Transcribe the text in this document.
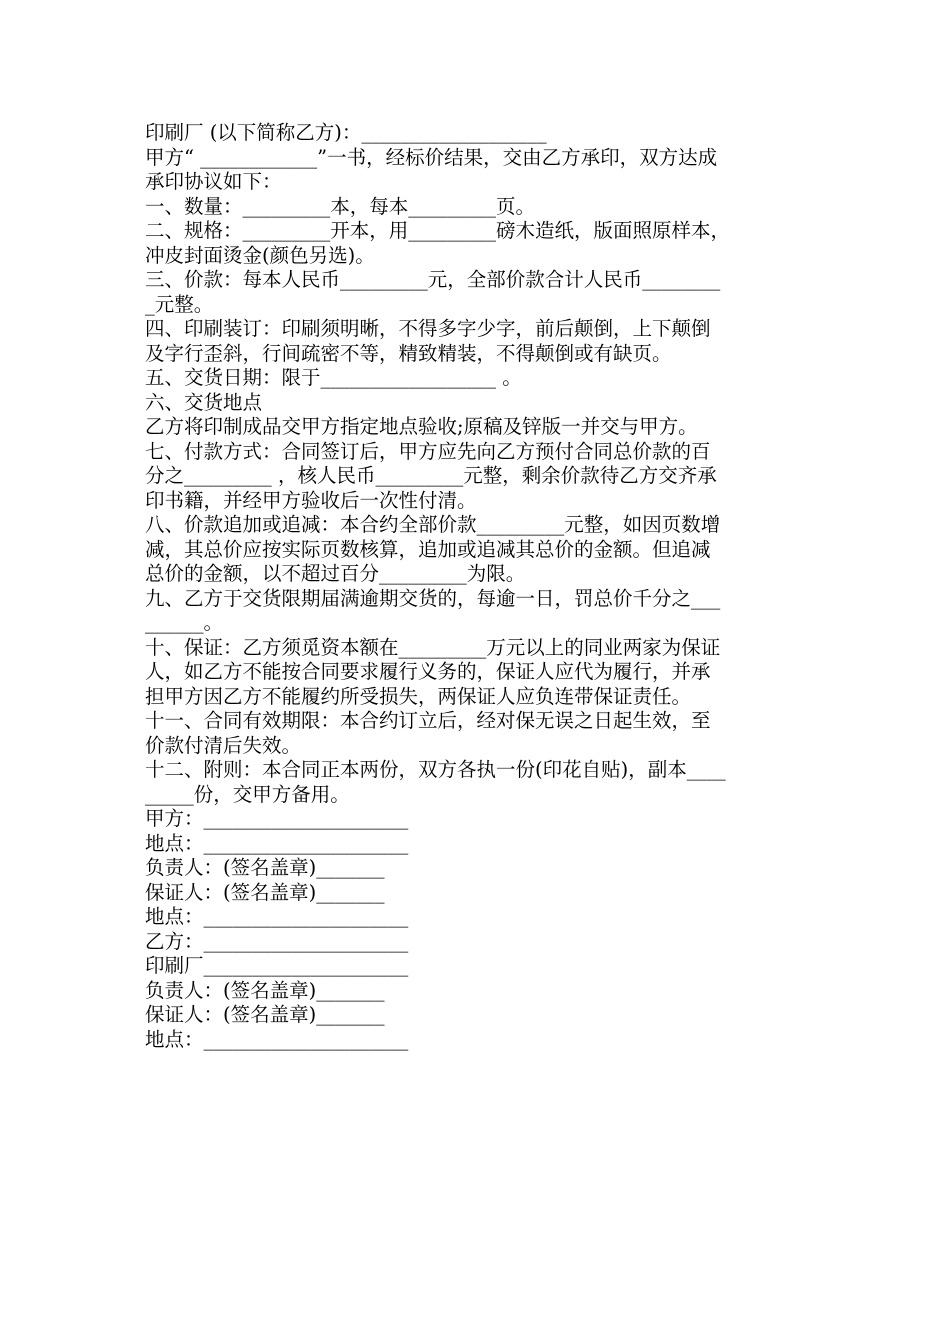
印刷厂 (以下简称乙方)：___________________
甲方“ ____________”一书，经标价结果，交由乙方承印，双方达成
承印协议如下：
一、数量：_________本，每本_________页。
二、规格：_________开本，用_________磅木造纸，版面照原样本，
冲皮封面烫金(颜色另选)。
三、价款：每本人民币_________元，全部价款合计人民币________
_元整。
四、印刷装订：印刷须明晰，不得多字少字，前后颠倒，上下颠倒
及字行歪斜，行间疏密不等，精致精装，不得颠倒或有缺页。
五、交货日期：限于__________________ 。
六、交货地点
乙方将印制成品交甲方指定地点验收;原稿及锌版一并交与甲方。
七、付款方式：合同签订后，甲方应先向乙方预付合同总价款的百
分之_________ ，核人民币_________元整，剩余价款待乙方交齐承
印书籍，并经甲方验收后一次性付清。
八、价款追加或追减：本合约全部价款_________元整，如因页数增
减，其总价应按实际页数核算，追加或追减其总价的金额。但追减
总价的金额，以不超过百分_________为限。
九、乙方于交货限期届满逾期交货的，每逾一日，罚总价千分之___
______。
十、保证：乙方须觅资本额在_________万元以上的同业两家为保证
人，如乙方不能按合同要求履行义务的，保证人应代为履行，并承
担甲方因乙方不能履约所受损失，两保证人应负连带保证责任。
十一、合同有效期限：本合约订立后，经对保无误之日起生效，至
价款付清后失效。
十二、附则：本合同正本两份，双方各执一份(印花自贴)，副本____
_____份，交甲方备用。
甲方：_____________________
地点：_____________________
负责人：(签名盖章)_______
保证人：(签名盖章)_______
地点：_____________________
乙方：_____________________
印刷厂_____________________
负责人：(签名盖章)_______
保证人：(签名盖章)_______
地点：_____________________
